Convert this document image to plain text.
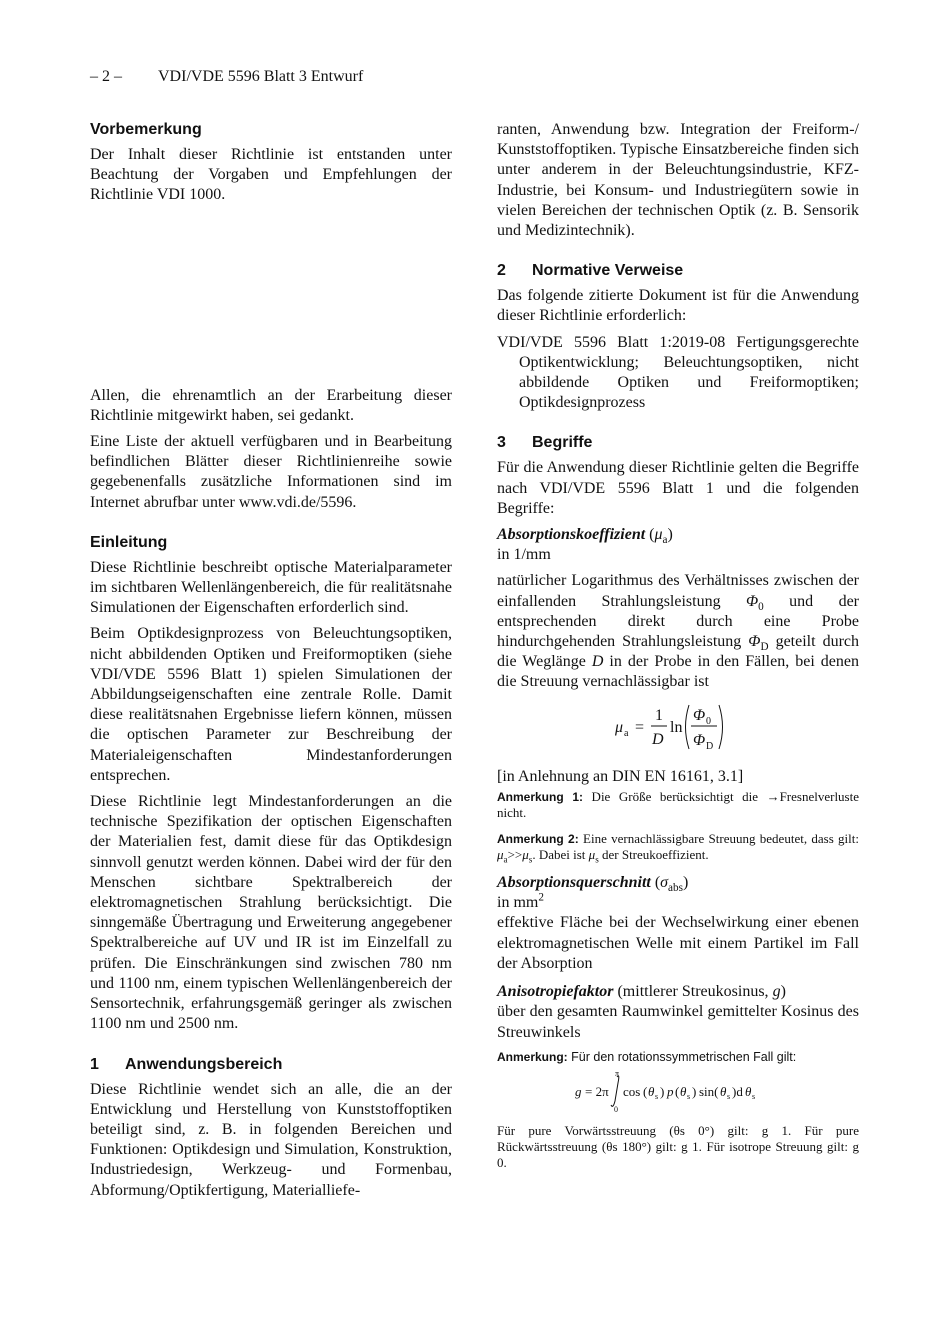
– 2 – VDI/VDE 5596 Blatt 3 Entwurf
Vorbemerkung

Der Inhalt dieser Richtlinie ist entstanden unter Beachtung der Vorgaben und Empfehlungen der Richtlinie VDI 1000.

Allen, die ehrenamtlich an der Erarbeitung dieser Richtlinie mitgewirkt haben, sei gedankt.

Eine Liste der aktuell verfügbaren und in Bearbeitung befindlichen Blätter dieser Richtlinienreihe sowie gegebenenfalls zusätzliche Informationen sind im Internet abrufbar unter www.vdi.de/5596.

Einleitung

Diese Richtlinie beschreibt optische Materialparameter im sichtbaren Wellenlängenbereich, die für realitätsnahe Simulationen der Eigenschaften erforderlich sind.

Beim Optikdesignprozess von Beleuchtungsoptiken, nicht abbildenden Optiken und Freiformoptiken (siehe VDI/VDE 5596 Blatt 1) spielen Simulationen der Abbildungseigenschaften eine zentrale Rolle. Damit diese realitätsnahen Ergebnisse liefern können, müssen die optischen Parameter zur Beschreibung der Materialeigenschaften Mindestanforderungen entsprechen.

Diese Richtlinie legt Mindestanforderungen an die technische Spezifikation der optischen Eigenschaften der Materialien fest, damit diese für das Optikdesign sinnvoll genutzt werden können. Dabei wird der für den Menschen sichtbare Spektralbereich der elektromagnetischen Strahlung berücksichtigt. Die sinngemäße Übertragung und Erweiterung angegebener Spektralbereiche auf UV und IR ist im Einzelfall zu prüfen. Die Einschränkungen sind zwischen 780 nm und 1100 nm, einem typischen Wellenlängenbereich der Sensortechnik, erfahrungsgemäß geringer als zwischen 1100 nm und 2500 nm.

1 Anwendungsbereich

Diese Richtlinie wendet sich an alle, die an der Entwicklung und Herstellung von Kunststoffoptiken beteiligt sind, z. B. in folgenden Bereichen und Funktionen: Optikdesign und Simulation, Konstruktion, Industriedesign, Werkzeug- und Formenbau, Abformung/Optikfertigung, Materialliefe-

ranten, Anwendung bzw. Integration der Freiform-/ Kunststoffoptiken. Typische Einsatzbereiche finden sich unter anderem in der Beleuchtungsindustrie, KFZ-Industrie, bei Konsum- und Industriegütern sowie in vielen Bereichen der technischen Optik (z. B. Sensorik und Medizintechnik).

2 Normative Verweise

Das folgende zitierte Dokument ist für die Anwendung dieser Richtlinie erforderlich:

VDI/VDE 5596 Blatt 1:2019-08 Fertigungsgerechte Optikentwicklung; Beleuchtungsoptiken, nicht abbildende Optiken und Freiformoptiken; Optikdesignprozess

3 Begriffe

Für die Anwendung dieser Richtlinie gelten die Begriffe nach VDI/VDE 5596 Blatt 1 und die folgenden Begriffe:

Absorptionskoeffizient $(\mu_a)$
in 1/mm

natürlicher Logarithmus des Verhältnisses zwischen der einfallenden Strahlungsleistung $\Phi_0$ und der entsprechenden direkt durch eine Probe hindurchgehenden Strahlungsleistung $\Phi_D$ geteilt durch die Weglänge D in der Probe in den Fällen, bei denen die Streuung vernachlässigbar ist

μ a =
1
D
ln
Φ 0
Φ D

[in Anlehnung an DIN EN 16161, 3.1]

Anmerkung 1: Die Größe berücksichtigt die →Fresnelverluste nicht.
Anmerkung 2: Eine vernachlässigbare Streuung bedeutet, dass gilt: $\mu_a>>\mu_s$. Dabei ist $\mu_s$ der Streukoeffizient.
Absorptionsquerschnitt $(\sigma_{abs})$
in $mm^2$

effektive Fläche bei der Wechselwirkung einer ebenen elektromagnetischen Welle mit einem Partikel im Fall der Absorption

Anisotropiefaktor (mittlerer Streukosinus, g)

über den gesamten Raumwinkel gemittelter Kosinus des Streuwinkels

Anmerkung: Für den rotationssymmetrischen Fall gilt:
g = 2π
π
0
cos ( θ s ) p ( θ s ) sin( θ s )d θ s
Für pure Vorwärtsstreuung (θs 0°) gilt: g 1. Für pure Rückwärtsstreuung (θs 180°) gilt: g 1. Für isotrope Streuung gilt: g 0.
